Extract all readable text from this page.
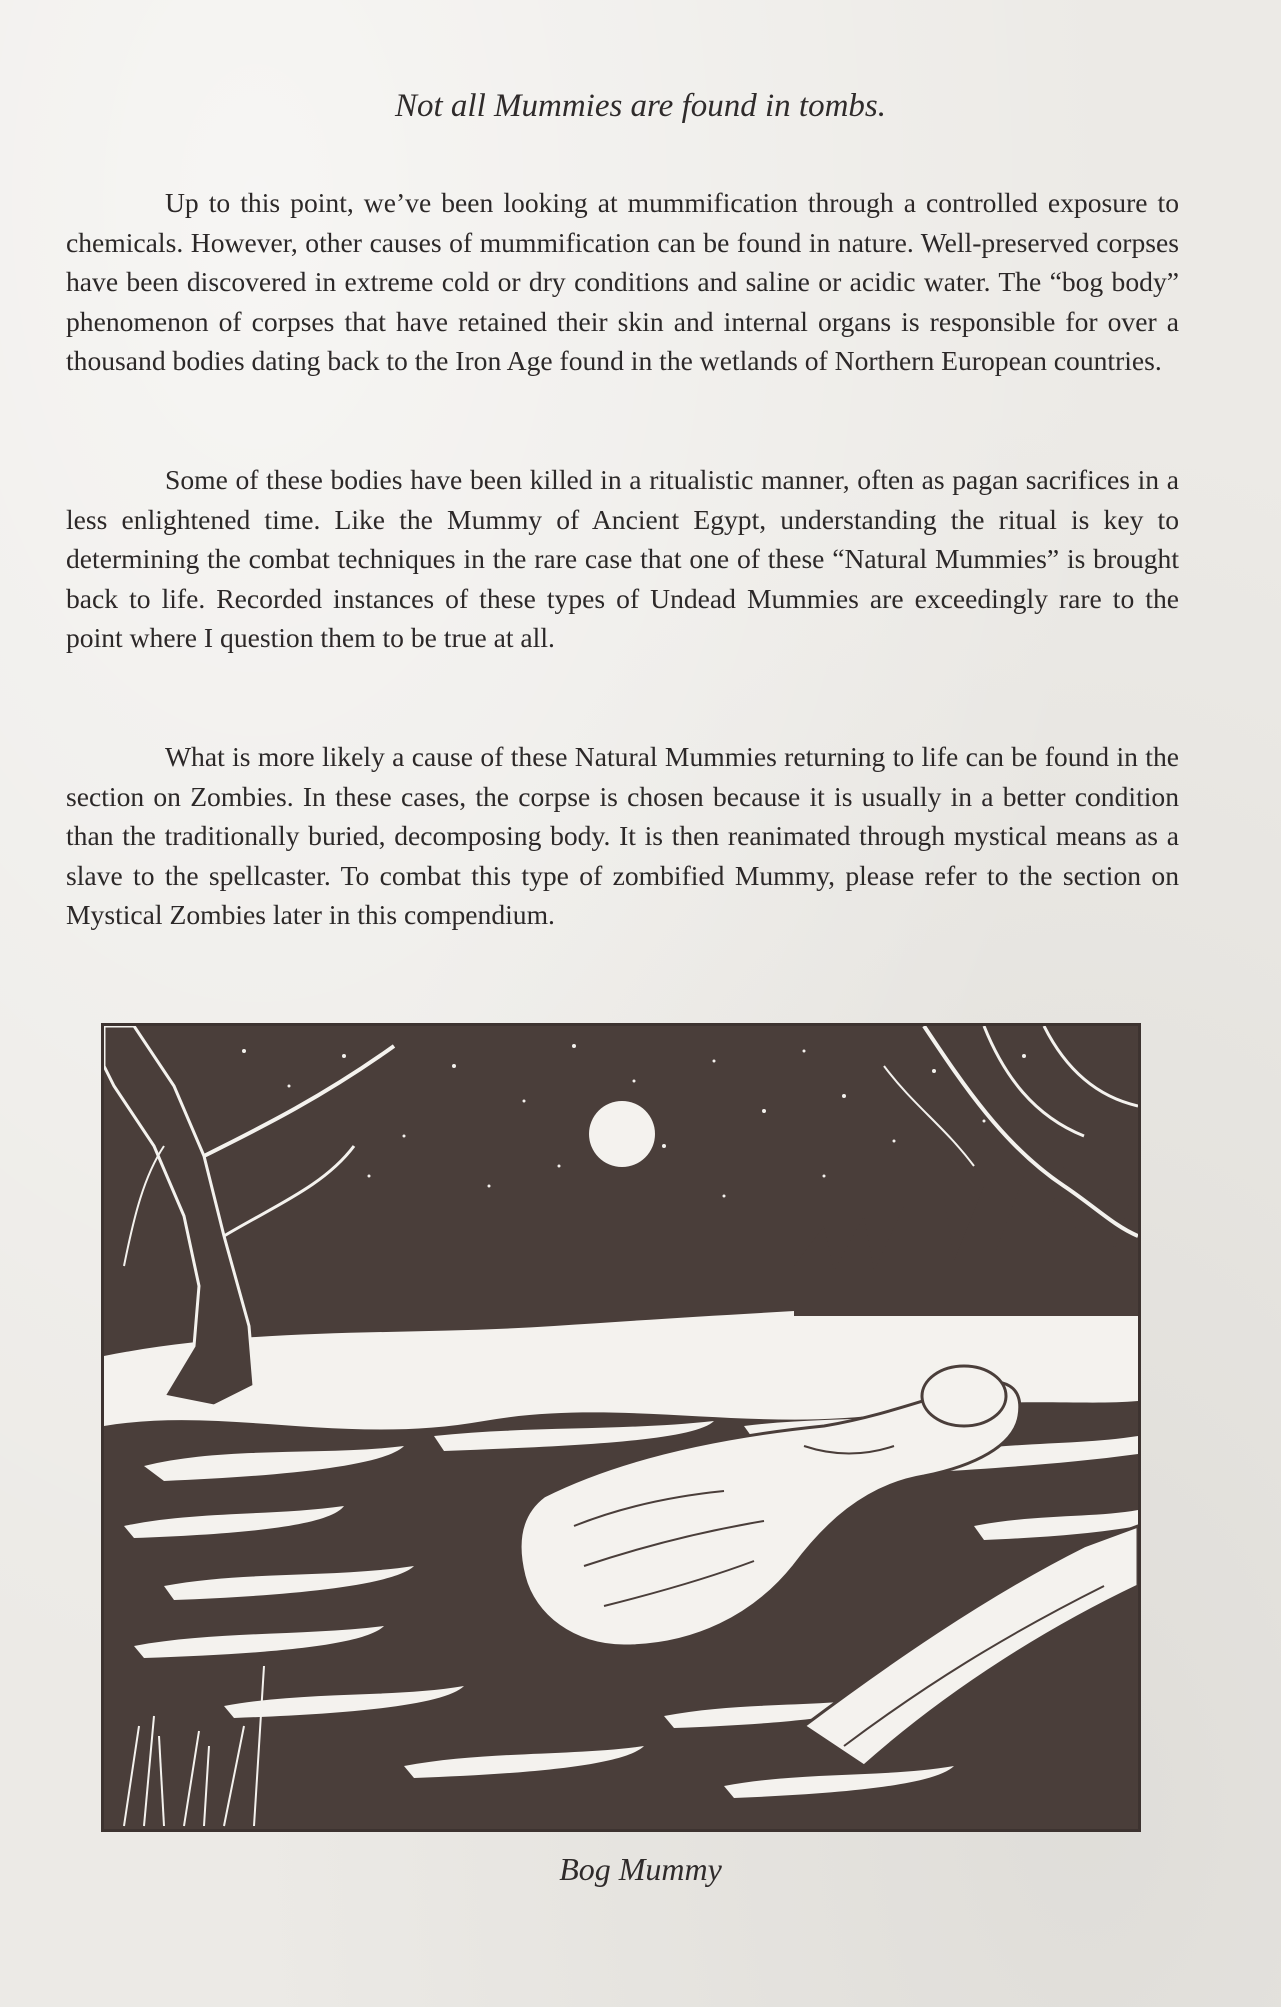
Not all Mummies are found in tombs.

Up to this point, we’ve been looking at mummification through a controlled exposure to chemicals. However, other causes of mummification can be found in nature. Well-preserved corpses have been discovered in extreme cold or dry conditions and saline or acidic water. The “bog body” phenomenon of corpses that have retained their skin and internal organs is responsible for over a thousand bodies dating back to the Iron Age found in the wetlands of Northern European countries.

Some of these bodies have been killed in a ritualistic manner, often as pagan sacrifices in a less enlightened time. Like the Mummy of Ancient Egypt, understanding the ritual is key to determining the combat techniques in the rare case that one of these “Natural Mummies” is brought back to life. Recorded instances of these types of Undead Mummies are exceedingly rare to the point where I question them to be true at all.

What is more likely a cause of these Natural Mummies returning to life can be found in the section on Zombies. In these cases, the corpse is chosen because it is usually in a better condition than the traditionally buried, decomposing body. It is then reanimated through mystical means as a slave to the spellcaster. To combat this type of zombified Mummy, please refer to the section on Mystical Zombies later in this compendium.

Bog Mummy
